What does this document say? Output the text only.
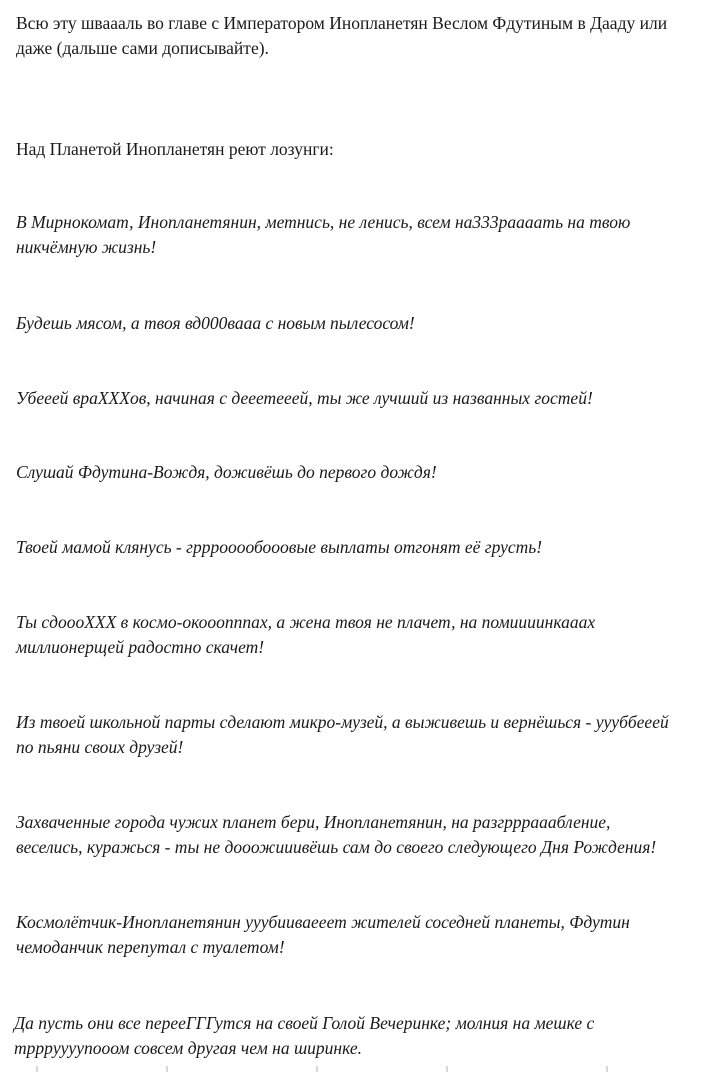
Всю эту шваааль во главе с Императором Инопланетян Веслом Фдутиным в Дааду или
даже (дальше сами дописывайте).

Над Планетой Инопланетян реют лозунги:

В Мирнокомат, Инопланетянин, метнись, не ленись, всем на333раааать на твою
никчёмную жизнь!

Будешь мясом, а твоя вд000ваaa с новым пылесосом!

Убееей враXXXов, начиная с дееетееей, ты же лучший из названных гостей!

Слушай Фдутина-Вождя, доживёшь до первого дождя!

Твоей мамой клянусь - грррооообооовые выплаты отгонят её грусть!

Ты сдоооXXX в космо-окоооnnпах, а жена твоя не плачет, на помиииинкааах
миллионерщей радостно скачет!

Из твоей школьной парты сделают микро-музей, а выживешь и вернёшься - уууббееей
по пьяни своих друзей!

Захваченные города чужих планет бери, Инопланетянин, на разгрррааабление,
веселись, куражься - ты не дооожииивёшь сам до своего следующего Дня Рождения!

Космолётчик-Инопланетянин ууубииваееет жителей соседней планеты, Фдутин
чемоданчик перепутал с туалетом!

Да пусть они все переeГГГутся на своей Голой Вечеринке; молния на мешке с
трррyyyупооом совсем другая чем на ширинке.
